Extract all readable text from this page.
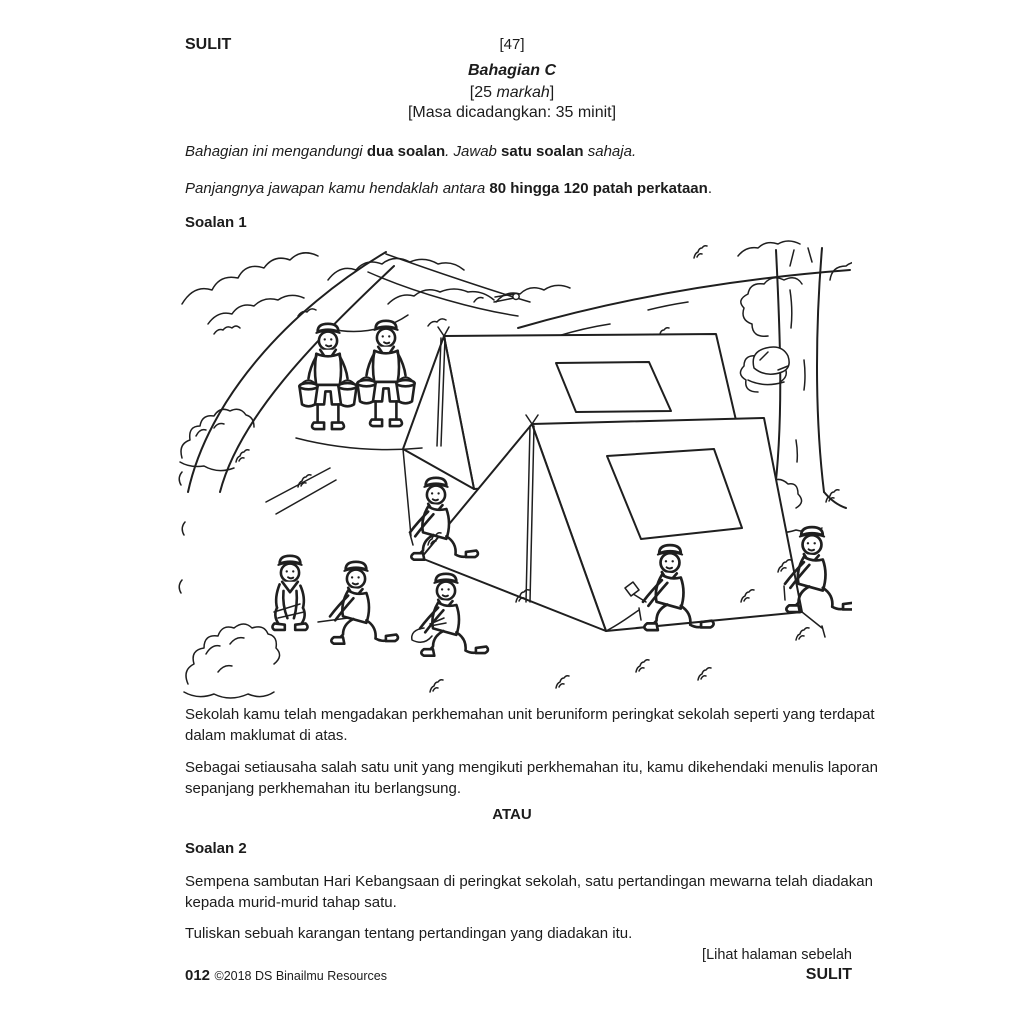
SULIT	[47]
Bahagian C
[25 markah]
[Masa dicadangkan: 35 minit]

Bahagian ini mengandungi dua soalan. Jawab satu soalan sahaja.

Panjangnya jawapan kamu hendaklah antara 80 hingga 120 patah perkataan.

Soalan 1

Sekolah kamu telah mengadakan perkhemahan unit beruniform peringkat sekolah seperti yang terdapat dalam maklumat di atas.

Sebagai setiausaha salah satu unit yang mengikuti perkhemahan itu, kamu dikehendaki menulis laporan sepanjang perkhemahan itu berlangsung.

ATAU
Soalan 2

Sempena sambutan Hari Kebangsaan di peringkat sekolah, satu pertandingan mewarna telah diadakan kepada murid-murid tahap satu.

Tuliskan sebuah karangan tentang pertandingan yang diadakan itu.

[Lihat halaman sebelah
012 ©2018 DS Binailmu Resources	SULIT
